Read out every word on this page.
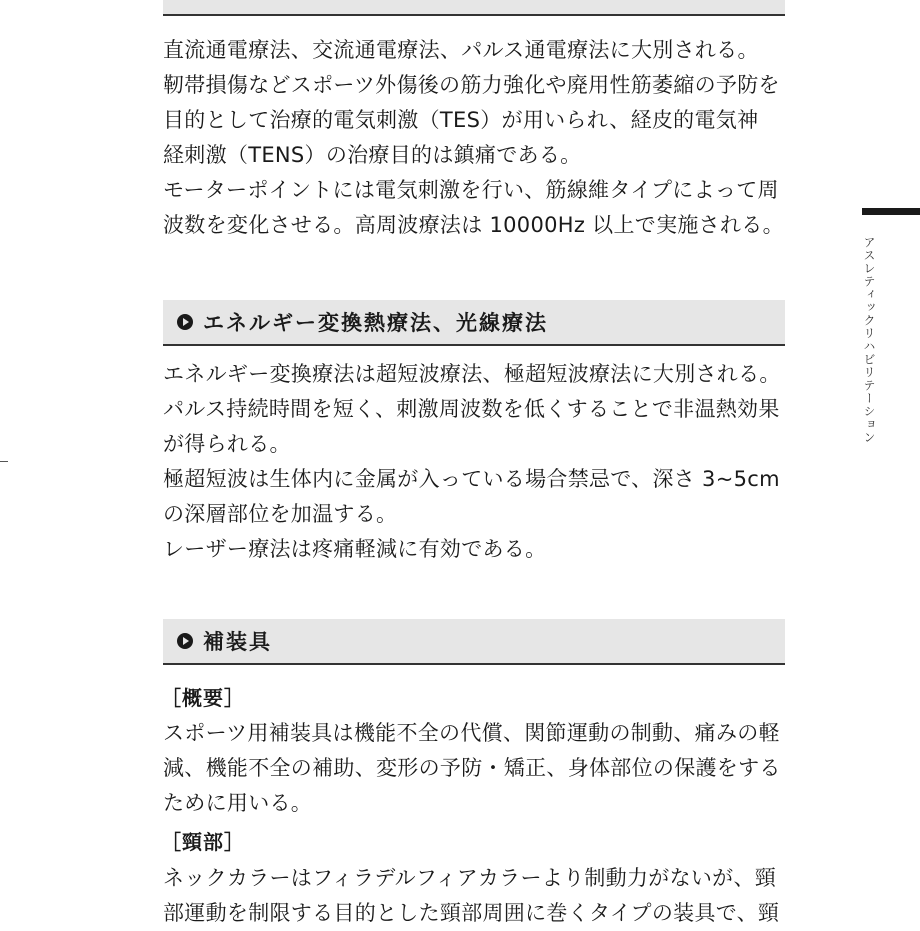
直流通電療法、交流通電療法、パルス通電療法に大別される。
靭帯損傷などスポーツ外傷後の筋力強化や廃用性筋萎縮の予防を
目的として治療的電気刺激（TES）が用いられ、経皮的電気神
経刺激（TENS）の治療目的は鎮痛である。
モーターポイントには電気刺激を行い、筋線維タイプによって周
波数を変化させる。高周波療法は 10000Hz 以上で実施される。
エネルギー変換熱療法、光線療法
エネルギー変換療法は超短波療法、極超短波療法に大別される。
パルス持続時間を短く、刺激周波数を低くすることで非温熱効果
が得られる。
極超短波は生体内に金属が入っている場合禁忌で、深さ 3~5cm
の深層部位を加温する。
レーザー療法は疼痛軽減に有効である。
補装具
［概要］
スポーツ用補装具は機能不全の代償、関節運動の制動、痛みの軽
減、機能不全の補助、変形の予防・矯正、身体部位の保護をする
ために用いる。
［頸部］
ネックカラーはフィラデルフィアカラーより制動力がないが、頸
部運動を制限する目的とした頸部周囲に巻くタイプの装具で、頸
アスレティックリハビリテーション
